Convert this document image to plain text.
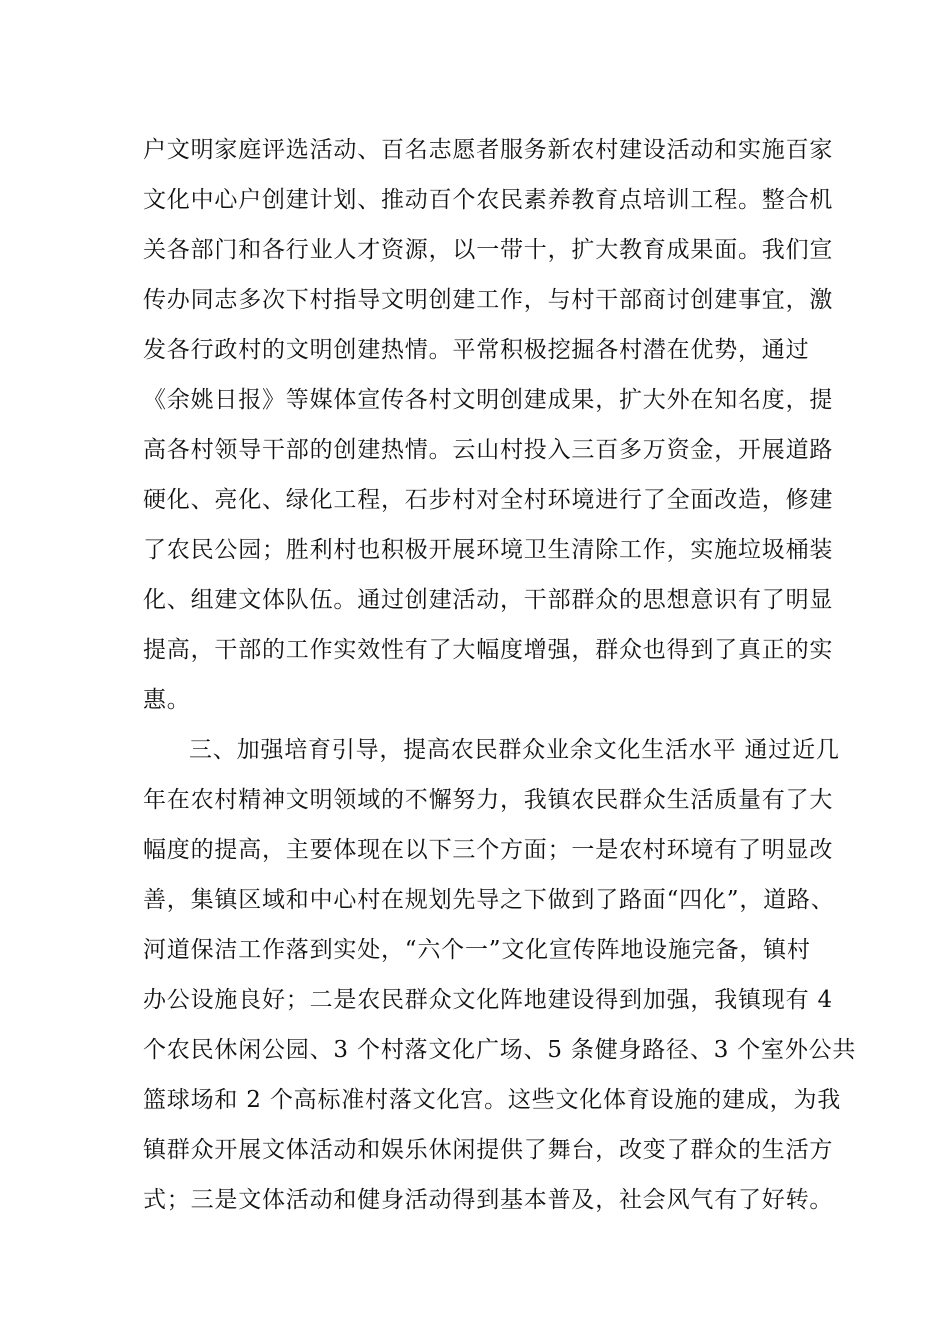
户文明家庭评选活动、百名志愿者服务新农村建设活动和实施百家
文化中心户创建计划、推动百个农民素养教育点培训工程。整合机
关各部门和各行业人才资源，以一带十，扩大教育成果面。我们宣
传办同志多次下村指导文明创建工作，与村干部商讨创建事宜，激
发各行政村的文明创建热情。平常积极挖掘各村潜在优势，通过
《余姚日报》等媒体宣传各村文明创建成果，扩大外在知名度，提
高各村领导干部的创建热情。云山村投入三百多万资金，开展道路
硬化、亮化、绿化工程，石步村对全村环境进行了全面改造，修建
了农民公园；胜利村也积极开展环境卫生清除工作，实施垃圾桶装
化、组建文体队伍。通过创建活动，干部群众的思想意识有了明显
提高，干部的工作实效性有了大幅度增强，群众也得到了真正的实
惠。
三、加强培育引导，提高农民群众业余文化生活水平 通过近几
年在农村精神文明领域的不懈努力，我镇农民群众生活质量有了大
幅度的提高，主要体现在以下三个方面；一是农村环境有了明显改
善，集镇区域和中心村在规划先导之下做到了路面“四化”，道路、
河道保洁工作落到实处，“六个一”文化宣传阵地设施完备，镇村
办公设施良好；二是农民群众文化阵地建设得到加强，我镇现有 4
个农民休闲公园、3 个村落文化广场、5 条健身路径、3 个室外公共
篮球场和 2 个高标准村落文化宫。这些文化体育设施的建成，为我
镇群众开展文体活动和娱乐休闲提供了舞台，改变了群众的生活方
式；三是文体活动和健身活动得到基本普及，社会风气有了好转。
